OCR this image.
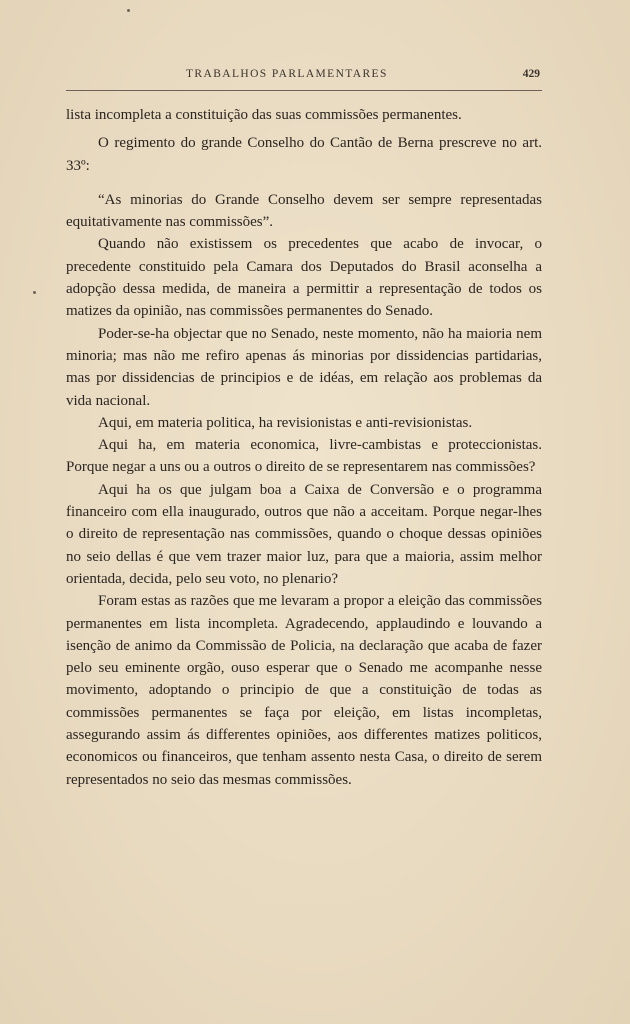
TRABALHOS PARLAMENTARES	429

lista incompleta a constituição das suas commissões permanentes.

O regimento do grande Conselho do Cantão de Berna prescreve no art. 33º:

“As minorias do Grande Conselho devem ser sempre representadas equitativamente nas commissões”.

Quando não existissem os precedentes que acabo de invocar, o precedente constituido pela Camara dos Deputados do Brasil aconselha a adopção dessa medida, de maneira a permittir a representação de todos os matizes da opinião, nas commissões permanentes do Senado.

Poder-se-ha objectar que no Senado, neste momento, não ha maioria nem minoria; mas não me refiro apenas ás minorias por dissidencias partidarias, mas por dissidencias de principios e de idéas, em relação aos problemas da vida nacional.

Aqui, em materia politica, ha revisionistas e anti-revisionistas.

Aqui ha, em materia economica, livre-cambistas e proteccionistas. Porque negar a uns ou a outros o direito de se representarem nas commissões?

Aqui ha os que julgam boa a Caixa de Conversão e o programma financeiro com ella inaugurado, outros que não a acceitam. Porque negar-lhes o direito de representação nas commissões, quando o choque dessas opiniões no seio dellas é que vem trazer maior luz, para que a maioria, assim melhor orientada, decida, pelo seu voto, no plenario?

Foram estas as razões que me levaram a propor a eleição das commissões permanentes em lista incompleta. Agradecendo, applaudindo e louvando a isenção de animo da Commissão de Policia, na declaração que acaba de fazer pelo seu eminente orgão, ouso esperar que o Senado me acompanhe nesse movimento, adoptando o principio de que a constituição de todas as commissões permanentes se faça por eleição, em listas incompletas, assegurando assim ás differentes opiniões, aos differentes matizes politicos, economicos ou financeiros, que tenham assento nesta Casa, o direito de serem representados no seio das mesmas commissões.
